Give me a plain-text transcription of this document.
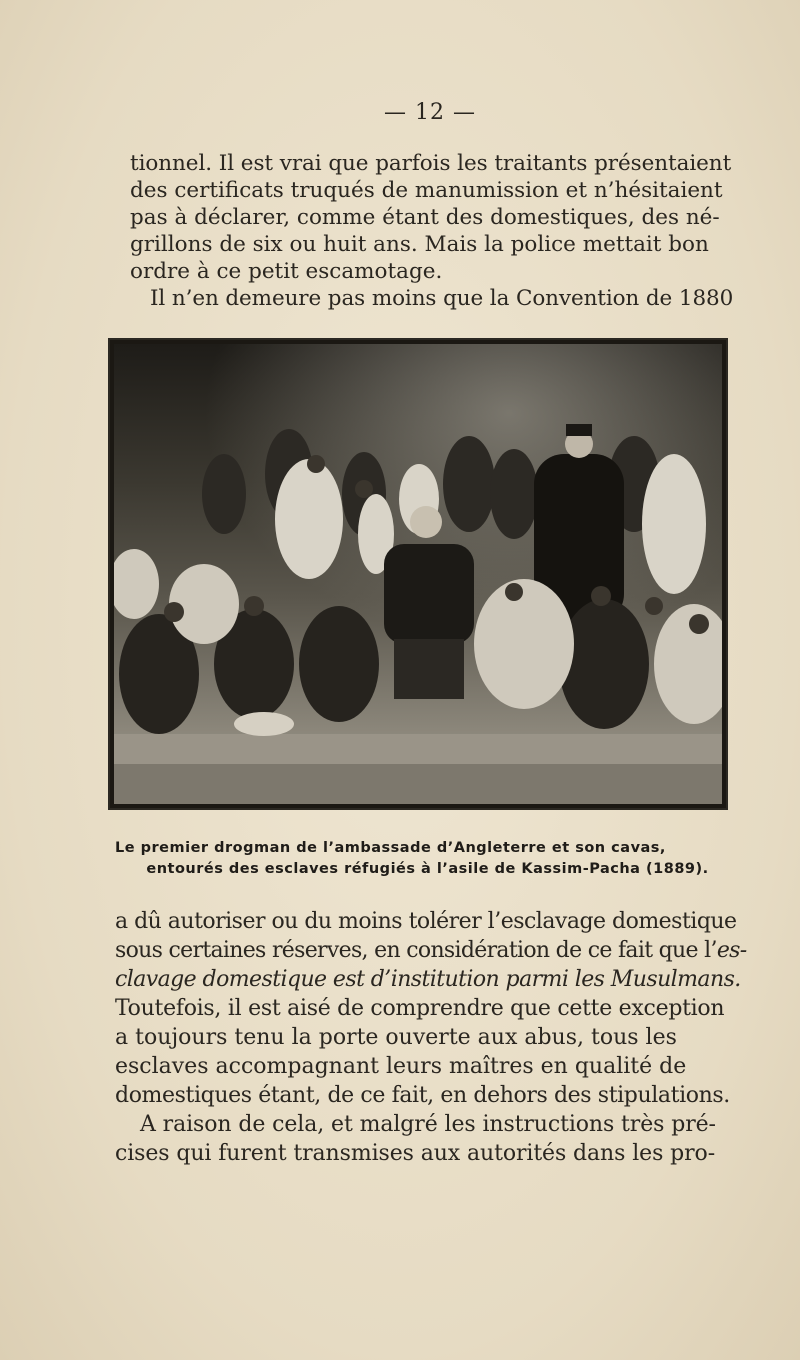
— 12 —
tionnel. Il est vrai que parfois les traitants présentaient
des certificats truqués de manumission et n’hésitaient
pas à déclarer, comme étant des domestiques, des né-
grillons de six ou huit ans. Mais la police mettait bon
ordre à ce petit escamotage.
Il n’en demeure pas moins que la Convention de 1880
Le premier drogman de l’ambassade d’Angleterre et son cavas,
entourés des esclaves réfugiés à l’asile de Kassim-Pacha (1889).
a dû autoriser ou du moins tolérer l’esclavage domestique
sous certaines réserves, en considération de ce fait que l’es-
clavage domestique est d’institution parmi les Musulmans.
Toutefois, il est aisé de comprendre que cette exception
a toujours tenu la porte ouverte aux abus, tous les
esclaves accompagnant leurs maîtres en qualité de
domestiques étant, de ce fait, en dehors des stipulations.
A raison de cela, et malgré les instructions très pré-
cises qui furent transmises aux autorités dans les pro-
